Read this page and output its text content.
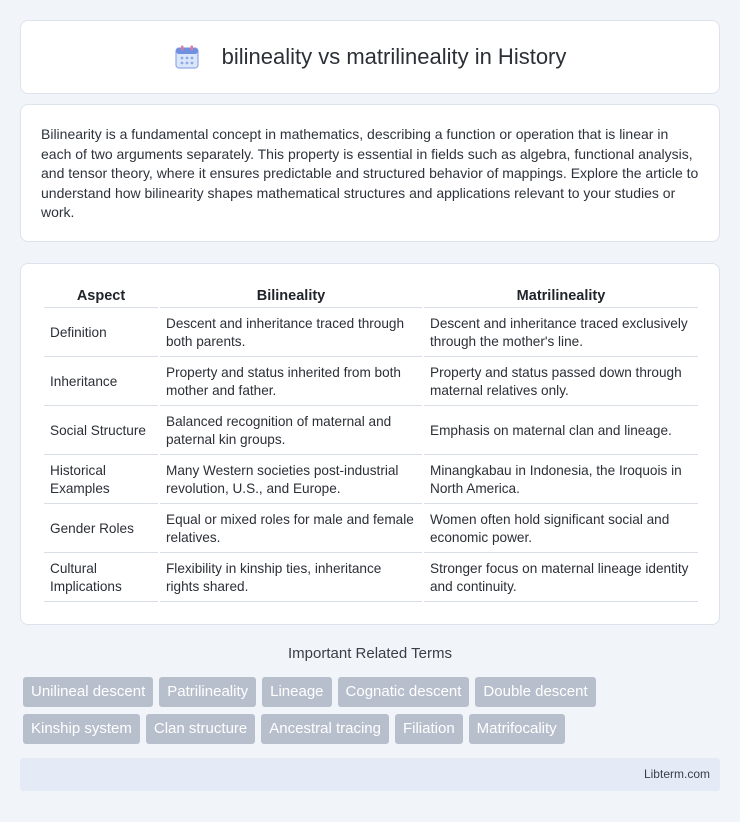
bilineality vs matrilineality in History

Bilinearity is a fundamental concept in mathematics, describing a function or operation that is linear in each of two arguments separately. This property is essential in fields such as algebra, functional analysis, and tensor theory, where it ensures predictable and structured behavior of mappings. Explore the article to understand how bilinearity shapes mathematical structures and applications relevant to your studies or work.

Aspect	Bilineality	Matrilineality
Definition	Descent and inheritance traced through both parents.	Descent and inheritance traced exclusively through the mother's line.
Inheritance	Property and status inherited from both mother and father.	Property and status passed down through maternal relatives only.
Social Structure	Balanced recognition of maternal and paternal kin groups.	Emphasis on maternal clan and lineage.
Historical Examples	Many Western societies post-industrial revolution, U.S., and Europe.	Minangkabau in Indonesia, the Iroquois in North America.
Gender Roles	Equal or mixed roles for male and female relatives.	Women often hold significant social and economic power.
Cultural Implications	Flexibility in kinship ties, inheritance rights shared.	Stronger focus on maternal lineage identity and continuity.
Important Related Terms
Unilineal descent	Patrilineality	Lineage	Cognatic descent	Double descent
Kinship system	Clan structure	Ancestral tracing	Filiation	Matrifocality
Libterm.com
